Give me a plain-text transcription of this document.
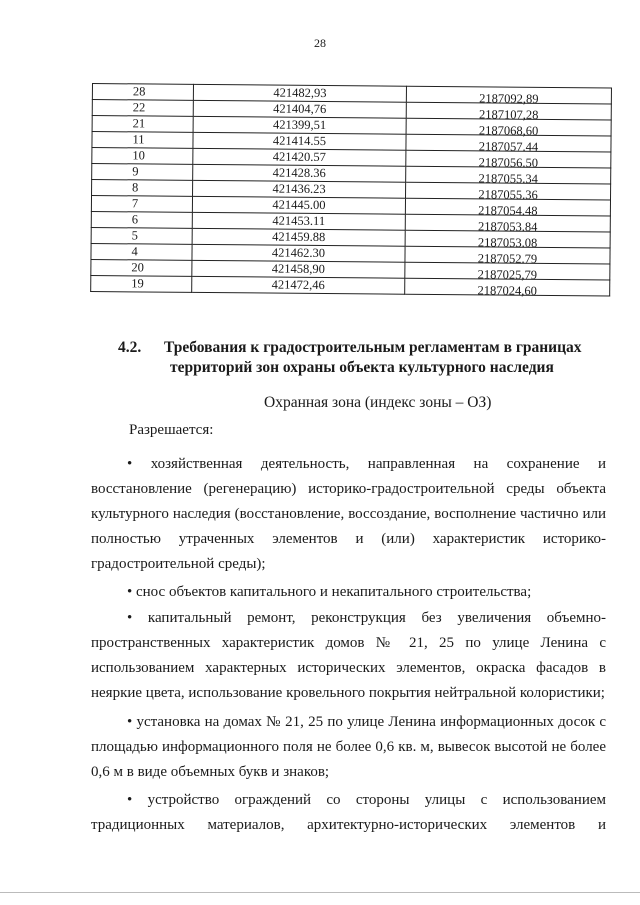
28
28	421482,93	2187092,89
22	421404,76	2187107,28
21	421399,51	2187068,60
11	421414.55	2187057.44
10	421420.57	2187056.50
9	421428.36	2187055.34
8	421436.23	2187055.36
7	421445.00	2187054.48
6	421453.11	2187053.84
5	421459.88	2187053.08
4	421462.30	2187052.79
20	421458,90	2187025,79
19	421472,46	2187024,60
4.2. Требования к градостроительным регламентам в границах
территорий зон охраны объекта культурного наследия
Охранная зона (индекс зоны – ОЗ)
Разрешается:
• хозяйственная деятельность, направленная на сохранение и восстановление (регенерацию) историко-градостроительной среды объекта культурного наследия (восстановление, воссоздание, восполнение частично или полностью утраченных элементов и (или) характеристик историко-градостроительной среды);
• снос объектов капитального и некапитального строительства;
• капитальный ремонт, реконструкция без увеличения объемно-пространственных характеристик домов № 21, 25 по улице Ленина с использованием характерных исторических элементов, окраска фасадов в неяркие цвета, использование кровельного покрытия нейтральной колористики;
• установка на домах № 21, 25 по улице Ленина информационных досок с площадью информационного поля не более 0,6 кв. м, вывесок высотой не более 0,6 м в виде объемных букв и знаков;
• устройство ограждений со стороны улицы с использованием традиционных материалов, архитектурно-исторических элементов и
